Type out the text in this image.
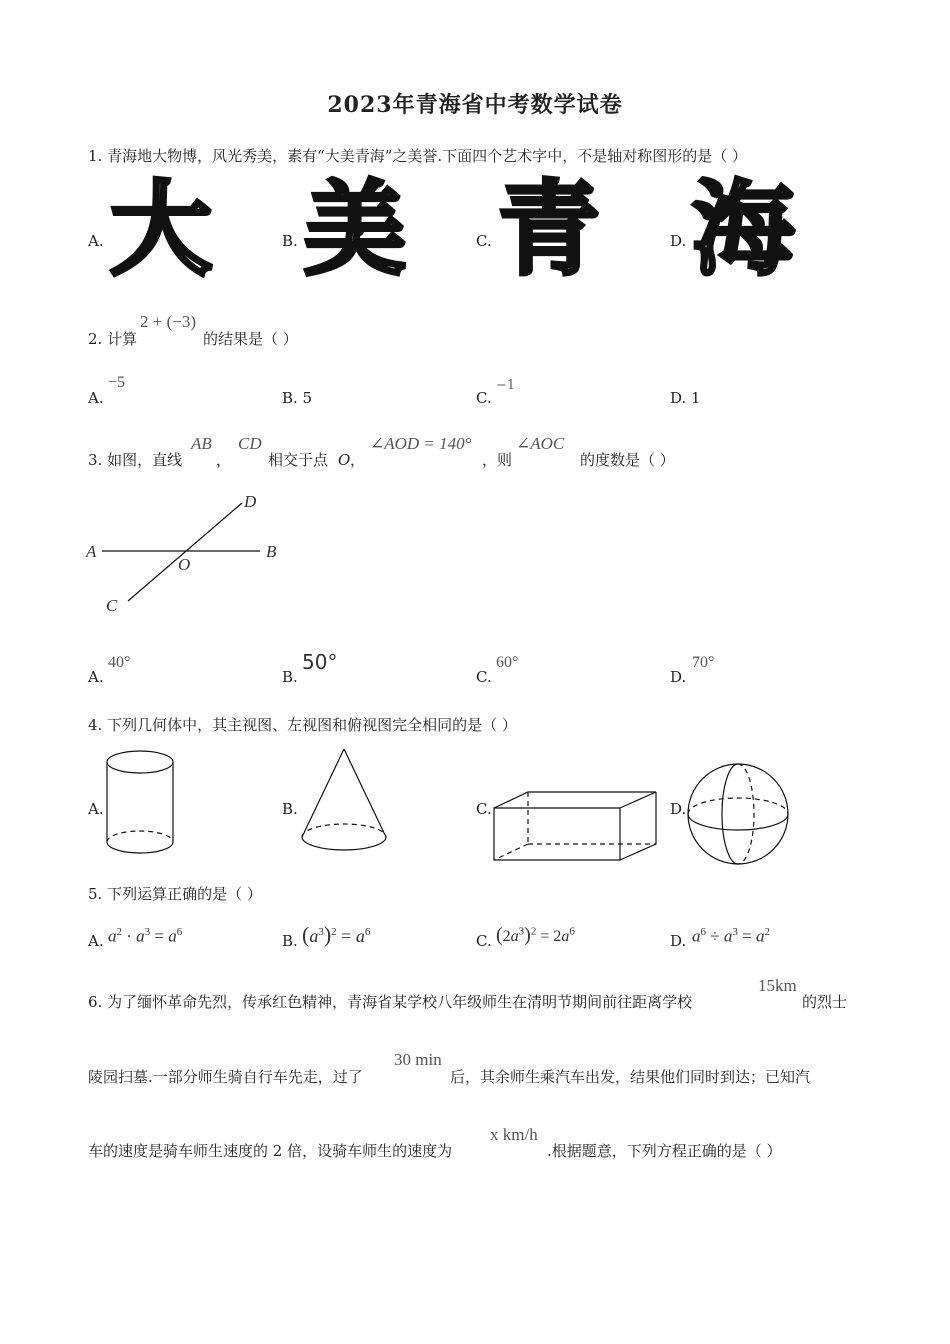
2023年青海省中考数学试卷
1. 青海地大物博，风光秀美，素有“大美青海”之美誉.下面四个艺术字中，不是轴对称图形的是（ ）
A. 大	B. 美	C. 青	D. 海
2. 计算
2 + (−3)
的结果是（ ）
A.
−5
B. 5	C.
−1
D. 1
3. 如图，直线
AB
，
CD
相交于点 O ，
∠AOD = 140°
，则
∠AOC
的度数是（ ）
A	B
C
D
O
A.
40°
B.
50°
C.
60°
D.
70°
4. 下列几何体中，其主视图、左视图和俯视图完全相同的是（ ）
A.	B.	C.	D.
5. 下列运算正确的是（ ）
A. $a^2 \cdot a^3 = a^6$	B. $(a^3)^2 = a^6$	C. $(2a^3)^2 = 2a^6$
D. $a^6 \div a^3 = a^2$
6. 为了缅怀革命先烈，传承红色精神，青海省某学校八年级师生在清明节期间前往距离学校
15km
的烈士
陵园扫墓.一部分师生骑自行车先走，过了
30 min
后，其余师生乘汽车出发，结果他们同时到达；已知汽
车的速度是骑车师生速度的 2 倍，设骑车师生的速度为
x km/h
.根据题意，下列方程正确的是（ ）
